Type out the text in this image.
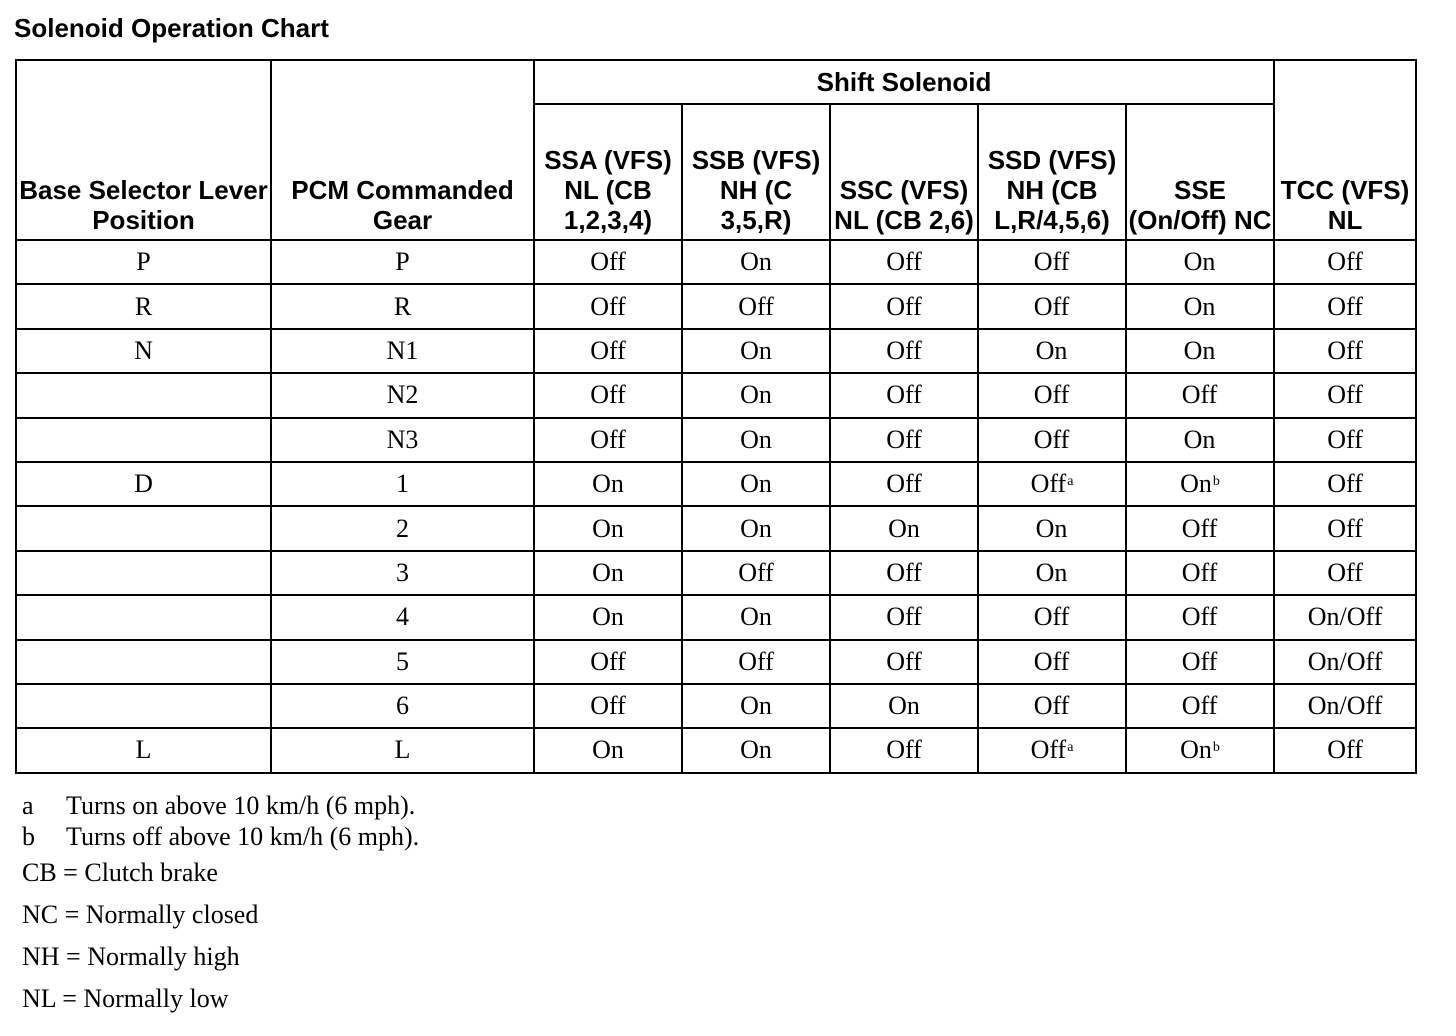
Solenoid Operation Chart
Base Selector Lever Position	PCM Commanded Gear	Shift Solenoid					TCC (VFS) NL

		SSA (VFS) NL (CB 1,2,3,4)	SSB (VFS) NH (C 3,5,R)	SSC (VFS) NL (CB 2,6)	SSD (VFS) NH (CB L,R/4,5,6)	SSE (On/Off) NC	

P	P	Off	On	Off	Off	On	Off
R	R	Off	Off	Off	Off	On	Off
N	N1	Off	On	Off	On	On	Off
	N2	Off	On	Off	Off	Off	Off
	N3	Off	On	Off	Off	On	Off
D	1	On	On	Off	Off$^a$	On$^b$	Off
	2	On	On	On	On	Off	Off
	3	On	Off	Off	On	Off	Off
	4	On	On	Off	Off	Off	On/Off
	5	Off	Off	Off	Off	Off	On/Off
	6	Off	On	On	Off	Off	On/Off
L	L	On	On	Off	Off$^a$	On$^b$	Off
a Turns on above 10 km/h (6 mph).
b Turns off above 10 km/h (6 mph).
CB = Clutch brake
NC = Normally closed
NH = Normally high
NL = Normally low
